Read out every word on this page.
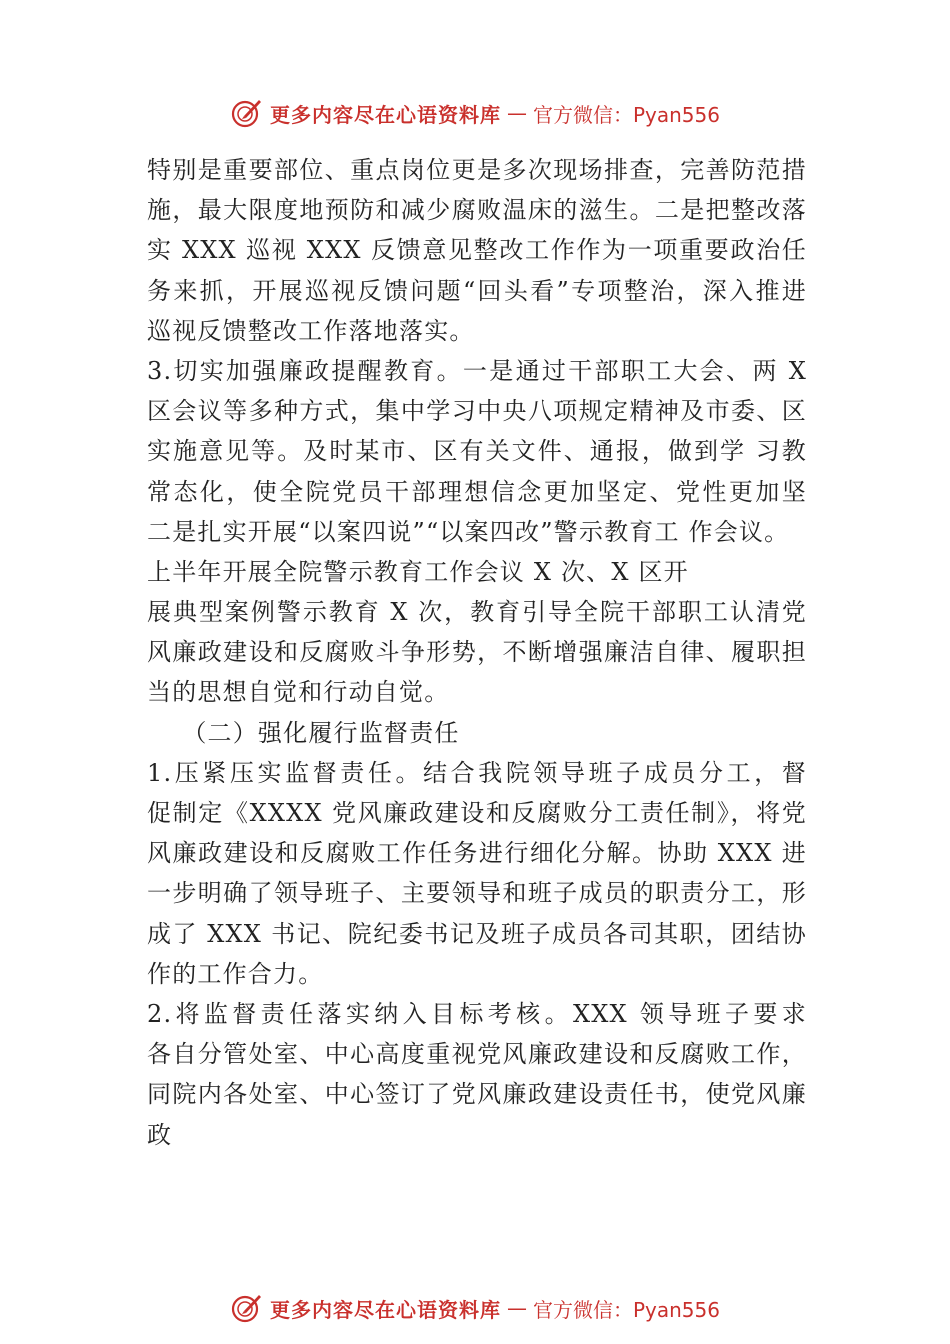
更多内容尽在心语资料库 — 官方微信：Pyan556
特别是重要部位、重点岗位更是多次现场排查，完善防范措
施，最大限度地预防和减少腐败温床的滋生。二是把整改落
实 XXX 巡视 XXX 反馈意见整改工作作为一项重要政治任
务来抓，开展巡视反馈问题“回头看”专项整治，深入推进
巡视反馈整改工作落地落实。
3.切实加强廉政提醒教育。一是通过干部职工大会、两 X
区会议等多种方式，集中学习中央八项规定精神及市委、区
实施意见等。及时某市、区有关文件、通报，做到学 习教
常态化，使全院党员干部理想信念更加坚定、党性更加坚
二是扎实开展“以案四说”“以案四改”警示教育工 作会议。
上半年开展全院警示教育工作会议 X 次、X 区开
展典型案例警示教育 X 次，教育引导全院干部职工认清党
风廉政建设和反腐败斗争形势，不断增强廉洁自律、履职担
当的思想自觉和行动自觉。
（二）强化履行监督责任
1.压紧压实监督责任。结合我院领导班子成员分工，督
促制定《XXXX 党风廉政建设和反腐败分工责任制》，将党
风廉政建设和反腐败工作任务进行细化分解。协助 XXX 进
一步明确了领导班子、主要领导和班子成员的职责分工，形
成了 XXX 书记、院纪委书记及班子成员各司其职，团结协
作的工作合力。
2.将监督责任落实纳入目标考核。XXX 领导班子要求
各自分管处室、中心高度重视党风廉政建设和反腐败工作，
同院内各处室、中心签订了党风廉政建设责任书，使党风廉
政
更多内容尽在心语资料库 — 官方微信：Pyan556
